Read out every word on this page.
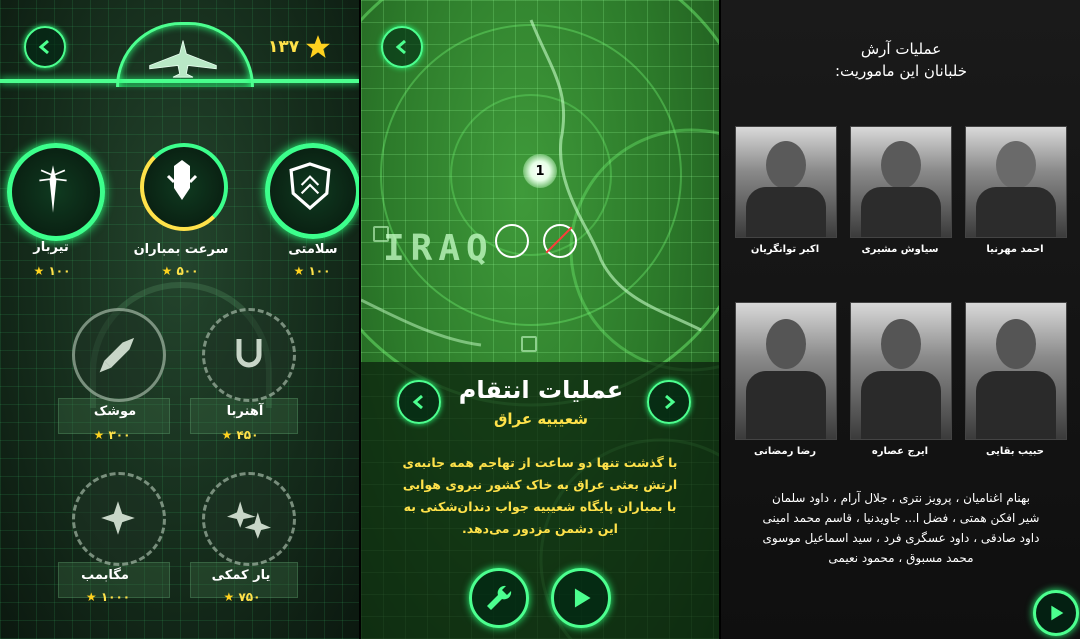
۱۳۷
تیربار
★ ۱۰۰
سرعت بمباران
★ ۵۰۰
سلامتی
★ ۱۰۰
موشک
★ ۳۰۰
آهنربا
★ ۴۵۰
مگابمب
★ ۱۰۰۰
یار کمکی
★ ۷۵۰
IRAQ
1
عملیات انتقام
شعیبیه عراق
با گذشت تنها دو ساعت از تهاجم همه جانبه‌ی
ارتش بعثی عراق به خاک کشور نیروی هوایی
با بمباران پایگاه شعیبیه جواب دندان‌شکنی به
این دشمن مزدور می‌دهد.
عملیات آرش
خلبانان این ماموریت:
اکبر توانگریان	سیاوش مشیری	احمد مهرنیا
رضا رمضانی	ایرج عصاره	حبیب بقایی
بهنام اغنامیان ، پرویز نتری ، جلال آرام ، داود سلمان
شیر افکن همتی ، فضل ا... جاویدنیا ، قاسم محمد امینی
داود صادقی ، داود عسگری فرد ، سید اسماعیل موسوی
محمد مسبوق ، محمود نعیمی
